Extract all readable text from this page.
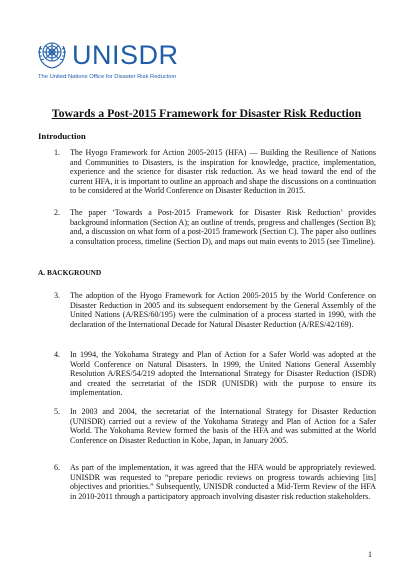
UNISDR
The United Nations Office for Disaster Risk Reduction
Towards a Post-2015 Framework for Disaster Risk Reduction
Introduction
1.	The Hyogo Framework for Action 2005-2015 (HFA) — Building the Resilience of Nations and Communities to Disasters, is the inspiration for knowledge, practice, implementation, experience and the science for disaster risk reduction. As we head toward the end of the current HFA, it is important to outline an approach and shape the discussions on a continuation to be considered at the World Conference on Disaster Reduction in 2015.
2.	The paper ‘Towards a Post-2015 Framework for Disaster Risk Reduction’ provides background information (Section A); an outline of trends, progress and challenges (Section B); and, a discussion on what form of a post-2015 framework (Section C). The paper also outlines a consultation process, timeline (Section D), and maps out main events to 2015 (see Timeline).
A. BACKGROUND
3.	The adoption of the Hyogo Framework for Action 2005-2015 by the World Conference on Disaster Reduction in 2005 and its subsequent endorsement by the General Assembly of the United Nations (A/RES/60/195) were the culmination of a process started in 1990, with the declaration of the International Decade for Natural Disaster Reduction (A/RES/42/169).
4.	In 1994, the Yokohama Strategy and Plan of Action for a Safer World was adopted at the World Conference on Natural Disasters. In 1999, the United Nations General Assembly Resolution A/RES/54/219 adopted the International Strategy for Disaster Reduction (ISDR) and created the secretariat of the ISDR (UNISDR) with the purpose to ensure its implementation.
5.	In 2003 and 2004, the secretariat of the International Strategy for Disaster Reduction (UNISDR) carried out a review of the Yokohama Strategy and Plan of Action for a Safer World. The Yokohama Review formed the basis of the HFA and was submitted at the World Conference on Disaster Reduction in Kobe, Japan, in January 2005.
6.	As part of the implementation, it was agreed that the HFA would be appropriately reviewed. UNISDR was requested to “prepare periodic reviews on progress towards achieving [its] objectives and priorities.” Subsequently, UNISDR conducted a Mid-Term Review of the HFA in 2010-2011 through a participatory approach involving disaster risk reduction stakeholders.
1
